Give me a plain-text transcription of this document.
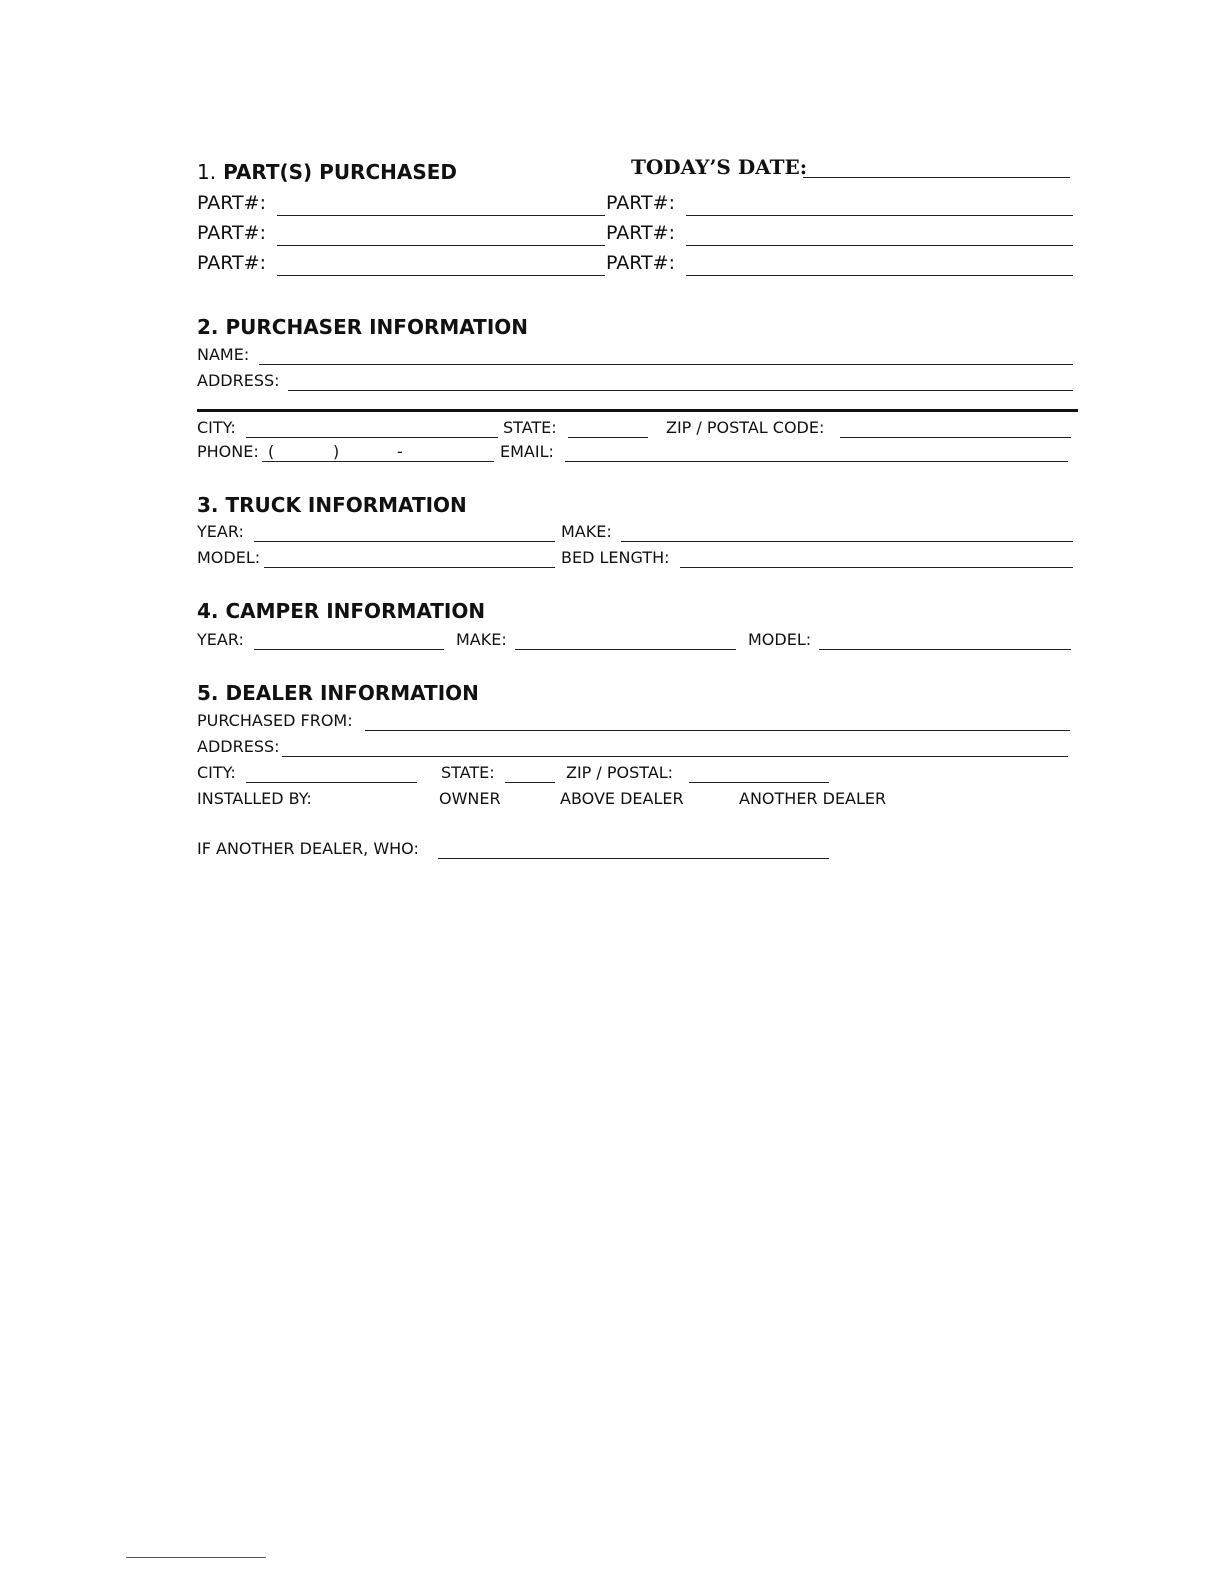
1. PART(S) PURCHASED	TODAY’S DATE:
PART#:	PART#:
PART#:	PART#:
PART#:	PART#:
2. PURCHASER INFORMATION
NAME:
ADDRESS:
CITY:	STATE:	ZIP / POSTAL CODE:
PHONE: (	)	-	EMAIL:
3. TRUCK INFORMATION
YEAR:	MAKE:
MODEL:	BED LENGTH:
4. CAMPER INFORMATION
YEAR:	MAKE:	MODEL:
5. DEALER INFORMATION
PURCHASED FROM:
ADDRESS:
CITY:	STATE:	ZIP / POSTAL:
INSTALLED BY:	OWNER	ABOVE DEALER	ANOTHER DEALER
IF ANOTHER DEALER, WHO:
